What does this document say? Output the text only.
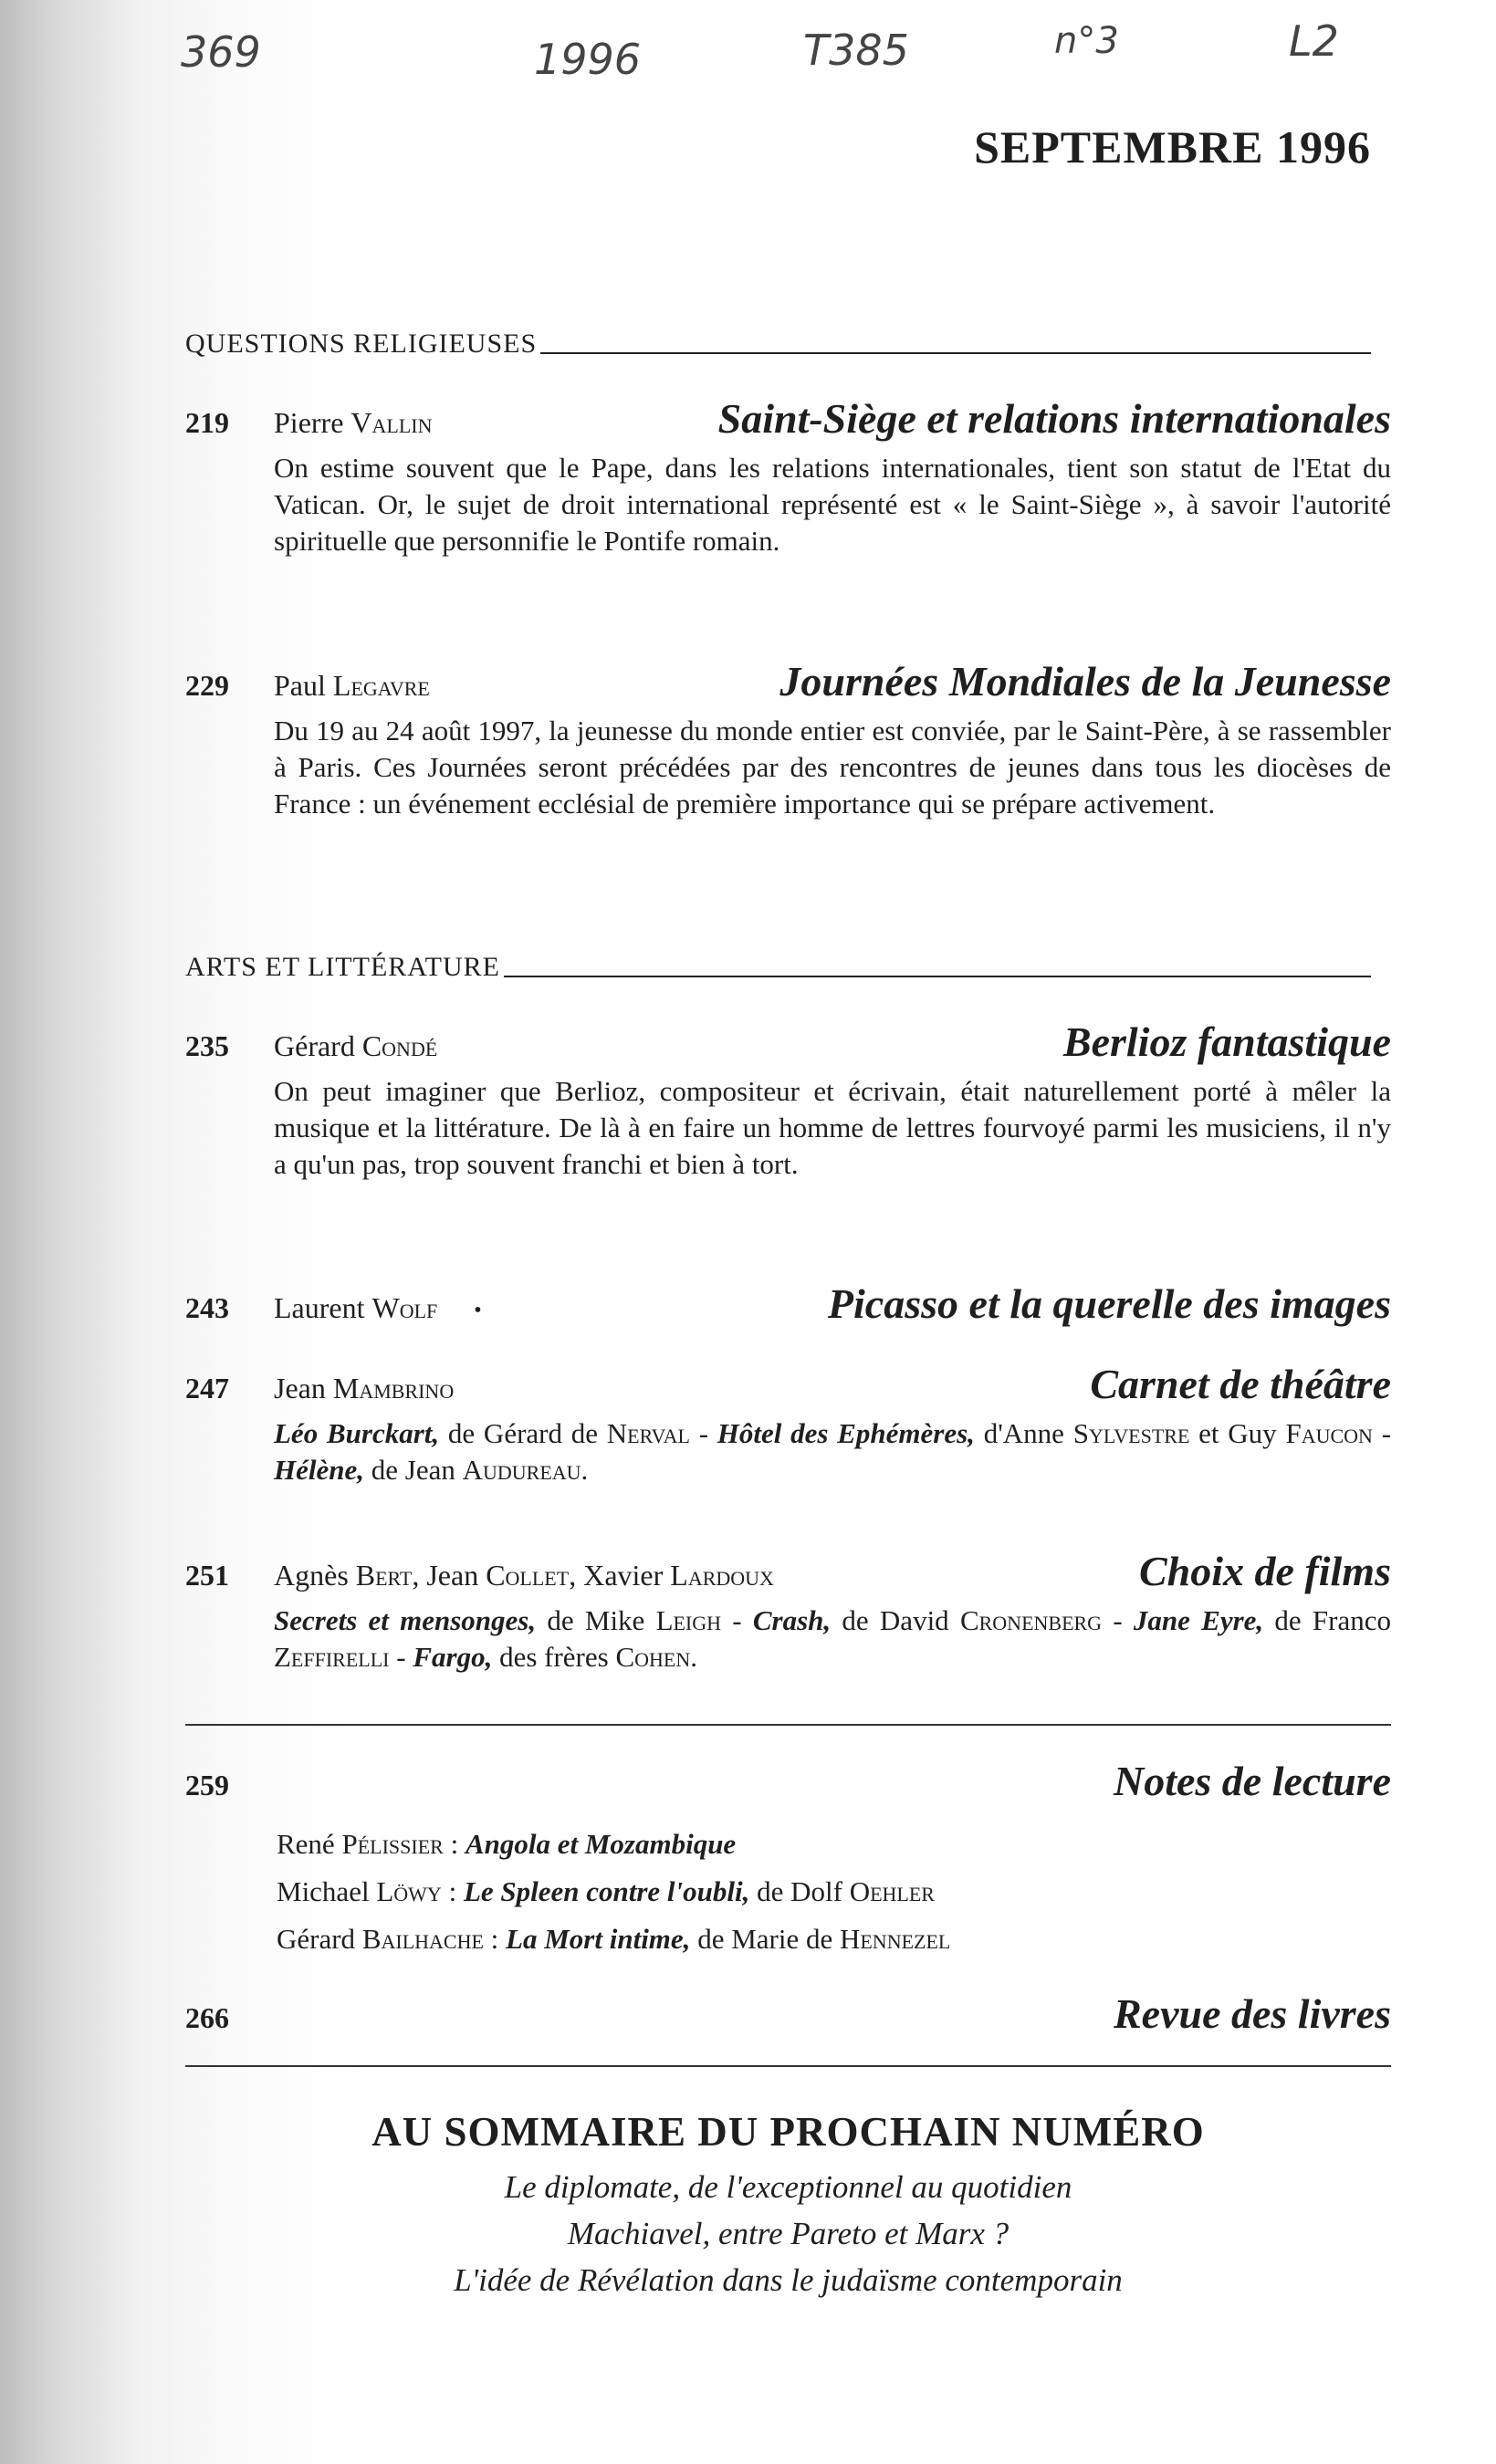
369	1996	T385	n°3	L2
SEPTEMBRE 1996
QUESTIONS RELIGIEUSES
219	Pierre Vallin	Saint-Siège et relations internationales
On estime souvent que le Pape, dans les relations internationales, tient son statut de l'Etat du Vatican. Or, le sujet de droit international représenté est « le Saint-Siège », à savoir l'autorité spirituelle que personnifie le Pontife romain.
229	Paul Legavre	Journées Mondiales de la Jeunesse
Du 19 au 24 août 1997, la jeunesse du monde entier est conviée, par le Saint-Père, à se rassembler à Paris. Ces Journées seront précédées par des rencontres de jeunes dans tous les diocèses de France : un événement ecclésial de première importance qui se prépare activement.
ARTS ET LITTÉRATURE
235	Gérard Condé	Berlioz fantastique
On peut imaginer que Berlioz, compositeur et écrivain, était naturellement porté à mêler la musique et la littérature. De là à en faire un homme de lettres fourvoyé parmi les musiciens, il n'y a qu'un pas, trop souvent franchi et bien à tort.
243	Laurent Wolf •	Picasso et la querelle des images
247	Jean Mambrino	Carnet de théâtre
Léo Burckart, de Gérard de Nerval - Hôtel des Ephémères, d'Anne Sylvestre et Guy Faucon - Hélène, de Jean Audureau.
251	Agnès Bert, Jean Collet, Xavier Lardoux	Choix de films
Secrets et mensonges, de Mike Leigh - Crash, de David Cronenberg - Jane Eyre, de Franco Zeffirelli - Fargo, des frères Cohen.
259	Notes de lecture
René Pélissier : Angola et Mozambique
Michael Löwy : Le Spleen contre l'oubli, de Dolf Oehler
Gérard Bailhache : La Mort intime, de Marie de Hennezel
266	Revue des livres
AU SOMMAIRE DU PROCHAIN NUMÉRO
Le diplomate, de l'exceptionnel au quotidien
Machiavel, entre Pareto et Marx ?
L'idée de Révélation dans le judaïsme contemporain
